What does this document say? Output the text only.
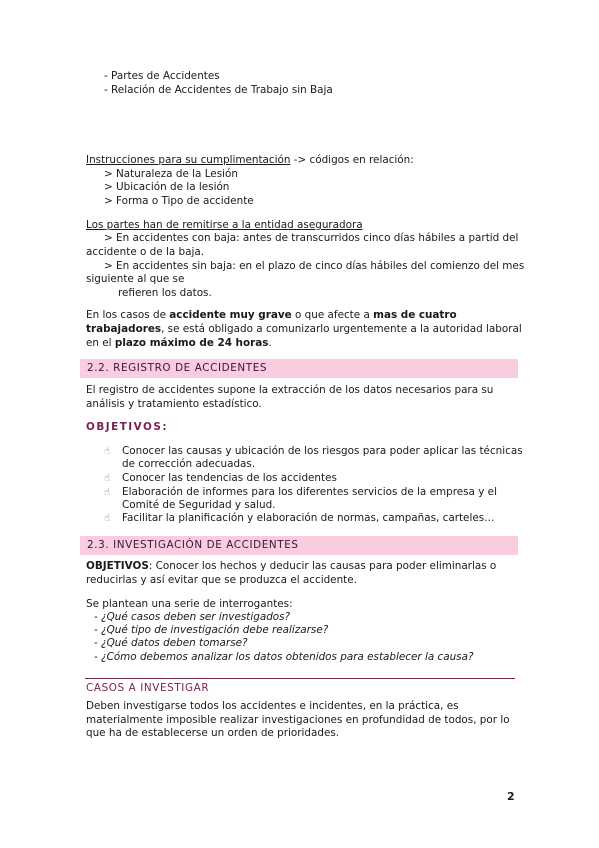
- Partes de Accidentes
- Relación de Accidentes de Trabajo sin Baja
Instrucciones para su cumplimentación -> códigos en relación:
> Naturaleza de la Lesión
> Ubicación de la lesión
> Forma o Tipo de accidente
Los partes han de remitirse a la entidad aseguradora
> En accidentes con baja: antes de transcurridos cinco días hábiles a partid del
accidente o de la baja.
> En accidentes sin baja: en el plazo de cinco días hábiles del comienzo del mes
siguiente al que se
refieren los datos.
En los casos de accidente muy grave o que afecte a mas de cuatro
trabajadores, se está obligado a comunizarlo urgentemente a la autoridad laboral
en el plazo máximo de 24 horas.
2.2. REGISTRO DE ACCIDENTES
El registro de accidentes supone la extracción de los datos necesarios para su
análisis y tratamiento estadístico.
OBJETIVOS:
☝ Conocer las causas y ubicación de los riesgos para poder aplicar las técnicas
de corrección adecuadas.
☝ Conocer las tendencias de los accidentes
☝ Elaboración de informes para los diferentes servicios de la empresa y el
Comité de Seguridad y salud.
☝ Facilitar la planificación y elaboración de normas, campañas, carteles…
2.3. INVESTIGACIÓN DE ACCIDENTES
OBJETIVOS: Conocer los hechos y deducir las causas para poder eliminarlas o
reducirlas y así evitar que se produzca el accidente.
Se plantean una serie de interrogantes:
- ¿Qué casos deben ser investigados?
- ¿Qué tipo de investigación debe realizarse?
- ¿Qué datos deben tomarse?
- ¿Cómo debemos analizar los datos obtenidos para establecer la causa?
CASOS A INVESTIGAR
Deben investigarse todos los accidentes e incidentes, en la práctica, es
materialmente imposible realizar investigaciones en profundidad de todos, por lo
que ha de establecerse un orden de prioridades.
2
